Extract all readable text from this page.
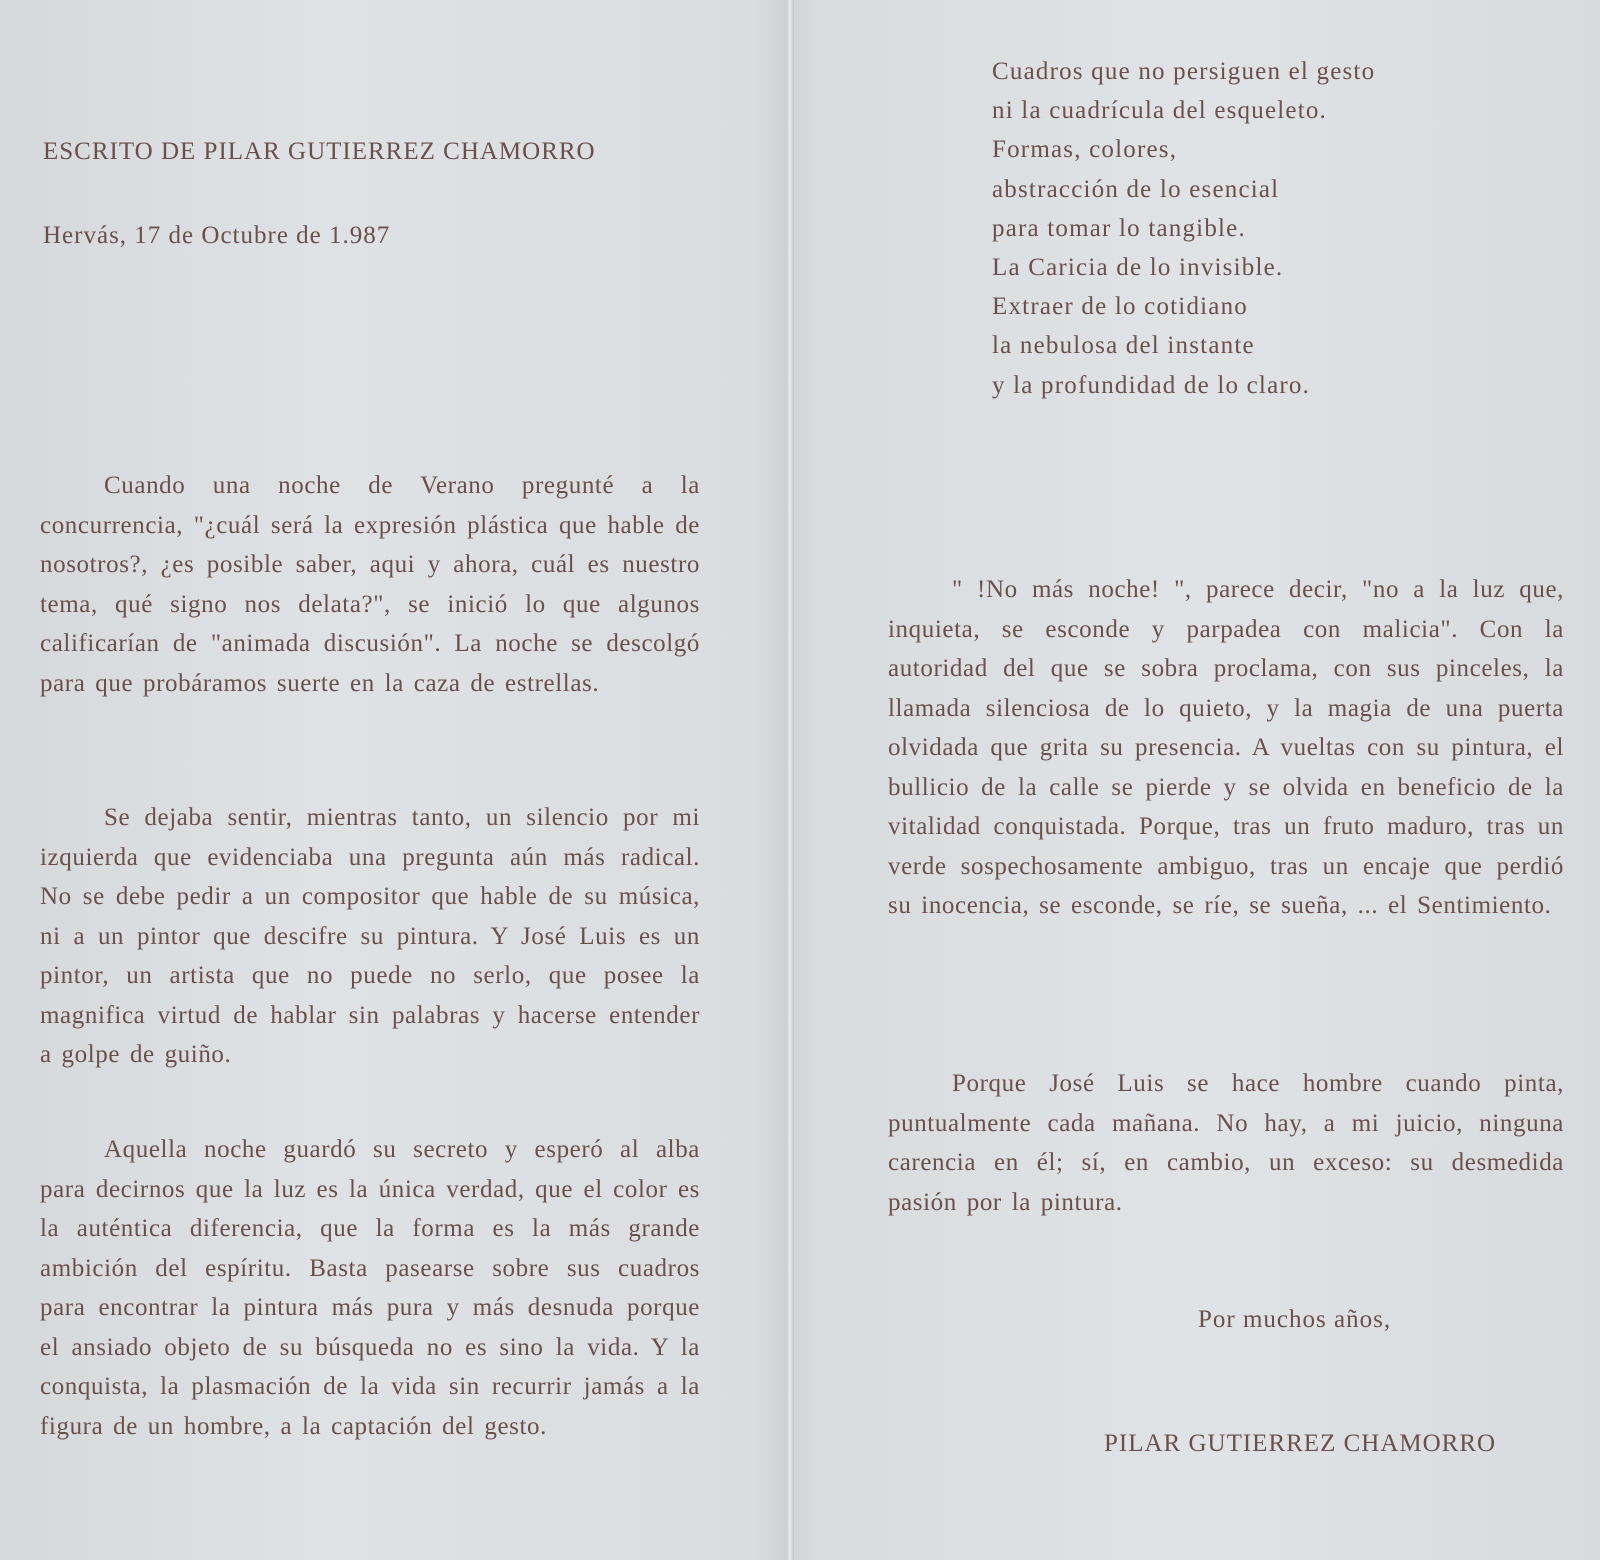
ESCRITO DE PILAR GUTIERREZ CHAMORRO

Hervás, 17 de Octubre de 1.987

Cuando una noche de Verano pregunté a la concurrencia, "¿cuál será la expresión plástica que hable de nosotros?, ¿es posible saber, aqui y ahora, cuál es nuestro tema, qué signo nos delata?", se inició lo que algunos calificarían de "animada discusión". La noche se descolgó para que probáramos suerte en la caza de estrellas.

Se dejaba sentir, mientras tanto, un silencio por mi izquierda que evidenciaba una pregunta aún más radical. No se debe pedir a un compositor que hable de su música, ni a un pintor que descifre su pintura. Y José Luis es un pintor, un artista que no puede no serlo, que posee la magnifica virtud de hablar sin palabras y hacerse entender a golpe de guiño.

Aquella noche guardó su secreto y esperó al alba para decirnos que la luz es la única verdad, que el color es la auténtica diferencia, que la forma es la más grande ambición del espíritu. Basta pasearse sobre sus cuadros para encontrar la pintura más pura y más desnuda porque el ansiado objeto de su búsqueda no es sino la vida. Y la conquista, la plasmación de la vida sin recurrir jamás a la figura de un hombre, a la captación del gesto.

Cuadros que no persiguen el gesto
ni la cuadrícula del esqueleto.
Formas, colores,
abstracción de lo esencial
para tomar lo tangible.
La Caricia de lo invisible.
Extraer de lo cotidiano
la nebulosa del instante
y la profundidad de lo claro.

" !No más noche! ", parece decir, "no a la luz que, inquieta, se esconde y parpadea con malicia". Con la autoridad del que se sobra proclama, con sus pinceles, la llamada silenciosa de lo quieto, y la magia de una puerta olvidada que grita su presencia. A vueltas con su pintura, el bullicio de la calle se pierde y se olvida en beneficio de la vitalidad conquistada. Porque, tras un fruto maduro, tras un verde sospechosamente ambiguo, tras un encaje que perdió su inocencia, se esconde, se ríe, se sueña, ... el Sentimiento.

Porque José Luis se hace hombre cuando pinta, puntualmente cada mañana. No hay, a mi juicio, ninguna carencia en él; sí, en cambio, un exceso: su desmedida pasión por la pintura.

Por muchos años,

PILAR GUTIERREZ CHAMORRO
